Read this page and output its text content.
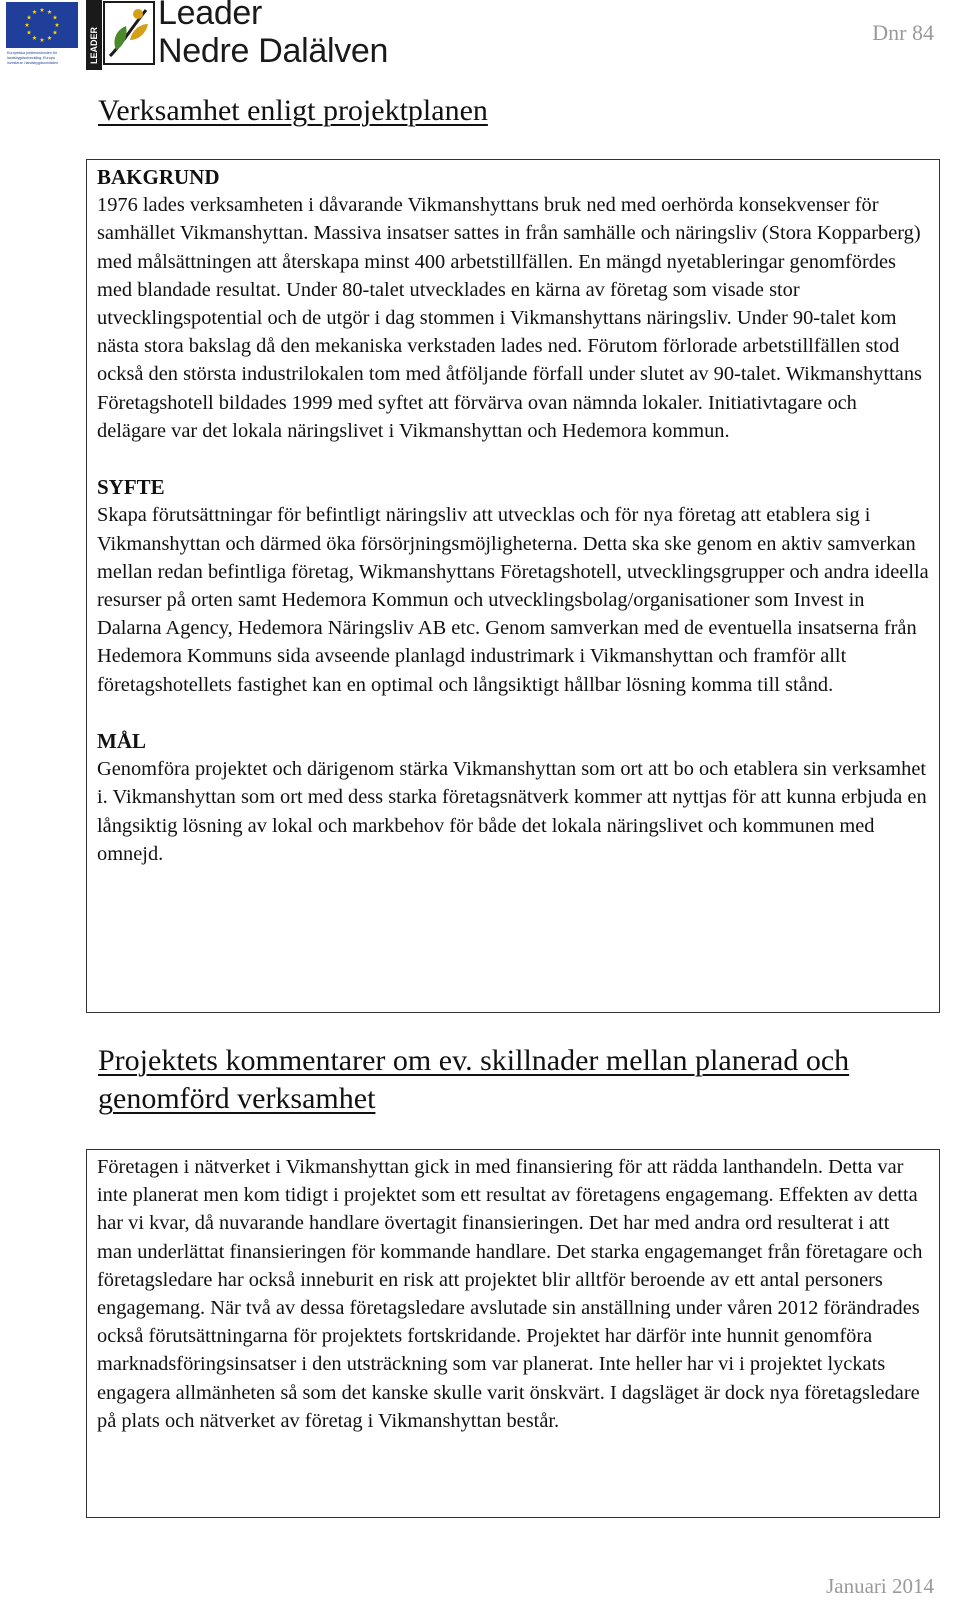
Europeiska jordbruksfonden för
landsbygdsutveckling: Europa
investerar i landsbygdsområden	LEADER
Leader
Nedre Dalälven	Dnr 84
Verksamhet enligt projektplanen
BAKGRUND

1976 lades verksamheten i dåvarande Vikmanshyttans bruk ned med oerhörda konsekvenser för samhället Vikmanshyttan. Massiva insatser sattes in från samhälle och näringsliv (Stora Kopparberg) med målsättningen att återskapa minst 400 arbetstillfällen. En mängd nyetableringar genomfördes med blandade resultat. Under 80-talet utvecklades en kärna av företag som visade stor utvecklingspotential och de utgör i dag stommen i Vikmanshyttans näringsliv. Under 90-talet kom nästa stora bakslag då den mekaniska verkstaden lades ned. Förutom förlorade arbetstillfällen stod också den största industrilokalen tom med åtföljande förfall under slutet av 90-talet. Wikmanshyttans Företagshotell bildades 1999 med syftet att förvärva ovan nämnda lokaler. Initiativtagare och delägare var det lokala näringslivet i Vikmanshyttan och Hedemora kommun.

SYFTE

Skapa förutsättningar för befintligt näringsliv att utvecklas och för nya företag att etablera sig i Vikmanshyttan och därmed öka försörjningsmöjligheterna. Detta ska ske genom en aktiv samverkan mellan redan befintliga företag, Wikmanshyttans Företagshotell, utvecklingsgrupper och andra ideella resurser på orten samt Hedemora Kommun och utvecklingsbolag/organisationer som Invest in Dalarna Agency, Hedemora Näringsliv AB etc. Genom samverkan med de eventuella insatserna från Hedemora Kommuns sida avseende planlagd industrimark i Vikmanshyttan och framför allt företagshotellets fastighet kan en optimal och långsiktigt hållbar lösning komma till stånd.

MÅL

Genomföra projektet och därigenom stärka Vikmanshyttan som ort att bo och etablera sin verksamhet i. Vikmanshyttan som ort med dess starka företagsnätverk kommer att nyttjas för att kunna erbjuda en långsiktig lösning av lokal och markbehov för både det lokala näringslivet och kommunen med omnejd.

Projektets kommentarer om ev. skillnader mellan planerad och genomförd verksamhet

Företagen i nätverket i Vikmanshyttan gick in med finansiering för att rädda lanthandeln. Detta var inte planerat men kom tidigt i projektet som ett resultat av företagens engagemang. Effekten av detta har vi kvar, då nuvarande handlare övertagit finansieringen. Det har med andra ord resulterat i att man underlättat finansieringen för kommande handlare. Det starka engagemanget från företagare och företagsledare har också inneburit en risk att projektet blir alltför beroende av ett antal personers engagemang. När två av dessa företagsledare avslutade sin anställning under våren 2012 förändrades också förutsättningarna för projektets fortskridande. Projektet har därför inte hunnit genomföra marknadsföringsinsatser i den utsträckning som var planerat. Inte heller har vi i projektet lyckats engagera allmänheten så som det kanske skulle varit önskvärt. I dagsläget är dock nya företagsledare på plats och nätverket av företag i Vikmanshyttan består.

Januari 2014
